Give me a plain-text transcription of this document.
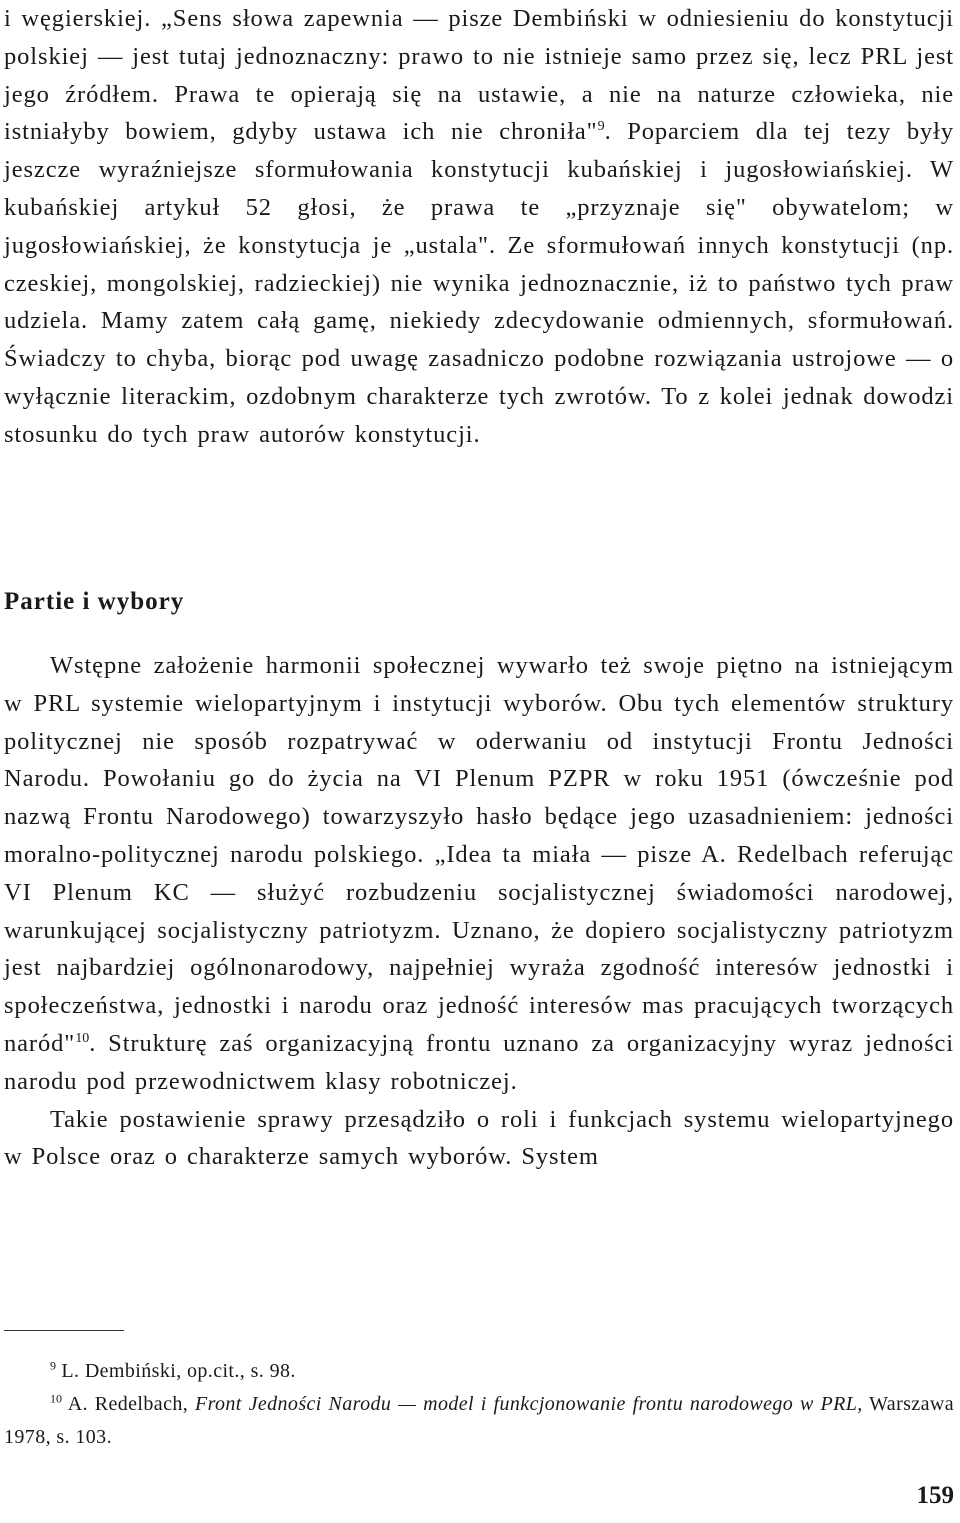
i węgierskiej. „Sens słowa zapewnia — pisze Dembiński w odniesieniu do konstytucji polskiej — jest tutaj jednoznaczny: prawo to nie istnieje samo przez się, lecz PRL jest jego źródłem. Prawa te opierają się na ustawie, a nie na naturze człowieka, nie istniałyby bowiem, gdyby ustawa ich nie chroniła"$^9$. Poparciem dla tej tezy były jeszcze wyraźniejsze sformułowania konstytucji kubańskiej i jugosłowiańskiej. W kubańskiej artykuł 52 głosi, że prawa te „przyznaje się" obywatelom; w jugosłowiańskiej, że konstytucja je „ustala". Ze sformułowań innych konstytucji (np. czeskiej, mongolskiej, radzieckiej) nie wynika jednoznacznie, iż to państwo tych praw udziela. Mamy zatem całą gamę, niekiedy zdecydowanie odmiennych, sformułowań. Świadczy to chyba, biorąc pod uwagę zasadniczo podobne rozwiązania ustrojowe — o wyłącznie literackim, ozdobnym charakterze tych zwrotów. To z kolei jednak dowodzi stosunku do tych praw autorów konstytucji.

Partie i wybory

Wstępne założenie harmonii społecznej wywarło też swoje piętno na istniejącym w PRL systemie wielopartyjnym i instytucji wyborów. Obu tych elementów struktury politycznej nie sposób rozpatrywać w oderwaniu od instytucji Frontu Jedności Narodu. Powołaniu go do życia na VI Plenum PZPR w roku 1951 (ówcześnie pod nazwą Frontu Narodowego) towarzyszyło hasło będące jego uzasadnieniem: jedności moralno-politycznej narodu polskiego. „Idea ta miała — pisze A. Redelbach referując VI Plenum KC — służyć rozbudzeniu socjalistycznej świadomości narodowej, warunkującej socjalistyczny patriotyzm. Uznano, że dopiero socjalistyczny patriotyzm jest najbardziej ogólnonarodowy, najpełniej wyraża zgodność interesów jednostki i społeczeństwa, jednostki i narodu oraz jedność interesów mas pracujących tworzących naród"$^{10}$. Strukturę zaś organizacyjną frontu uznano za organizacyjny wyraz jedności narodu pod przewodnictwem klasy robotniczej.

Takie postawienie sprawy przesądziło o roli i funkcjach systemu wielopartyjnego w Polsce oraz o charakterze samych wyborów. System

$^9$ L. Dembiński, op.cit., s. 98.

$^{10}$ A. Redelbach, Front Jedności Narodu — model i funkcjonowanie frontu narodowego w PRL, Warszawa 1978, s. 103.

159
